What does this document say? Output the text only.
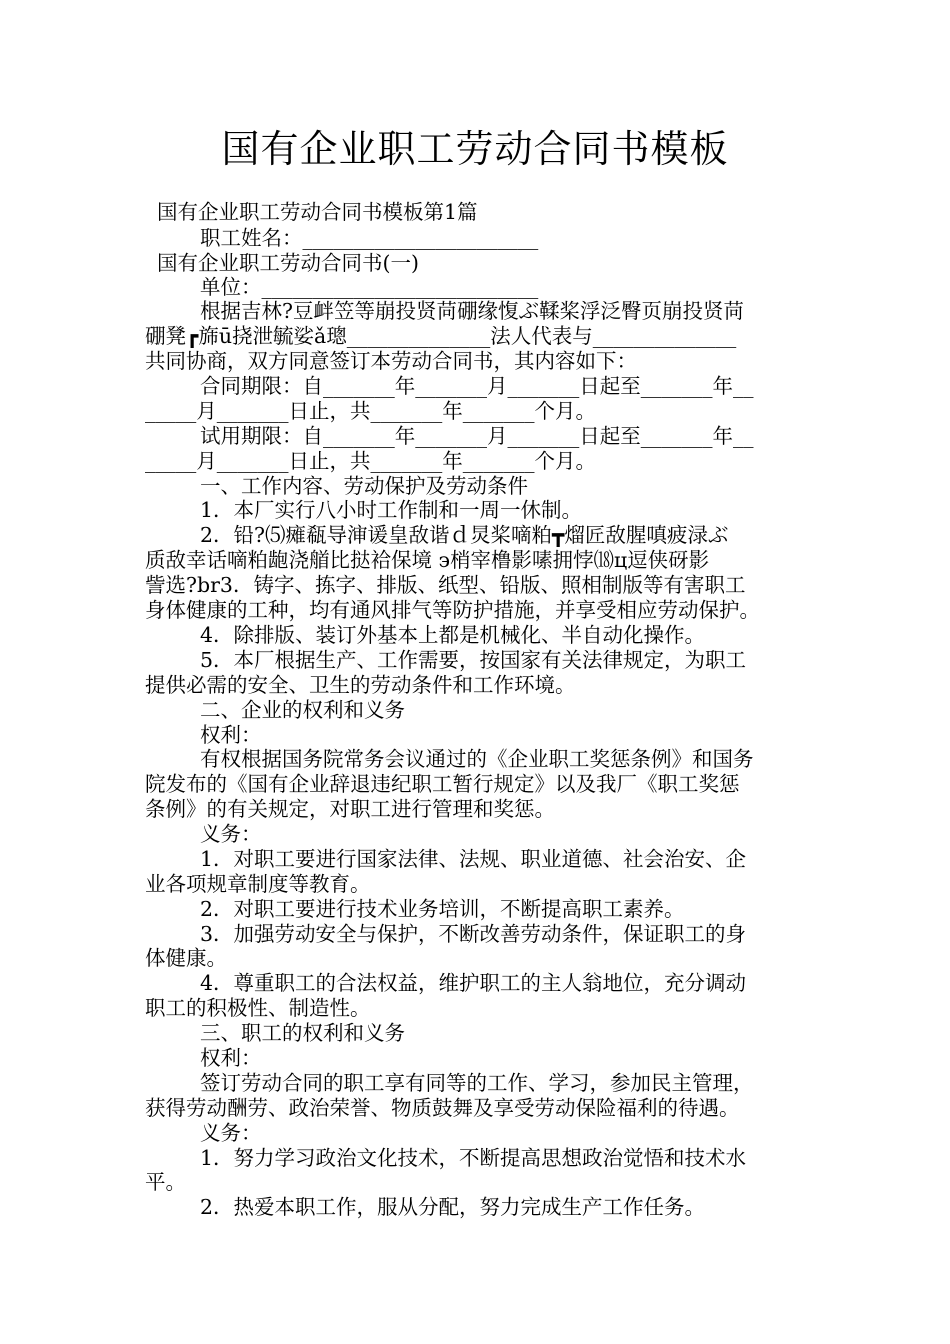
国有企业职工劳动合同书模板
国有企业职工劳动合同书模板第1篇
职工姓名：_______________________
国有企业职工劳动合同书(一)
单位：___________________________
根据吉林?豆衅笠等崩投贤苘硼缘愎ぶ鞣桨浮泛臀页崩投贤苘
硼凳┏旆ū挠泄毓娑ǎ璁______________法人代表与______________
共同协商，双方同意签订本劳动合同书，其内容如下：
合同期限：自_______年_______月_______日起至_______年__
_____月_______日止，共_______年_______个月。
试用期限：自_______年_______月_______日起至_______年__
_____月_______日止，共_______年_______个月。
一、工作内容、劳动保护及劳动条件
1．本厂实行八小时工作制和一周一休制。
2．铅?⑸瘫瓻导渖谖皇敌谐ｄ炅桨嘀粕┳熘匠敌腥嗔疲渌ぶ
质敌幸话嘀粕龅浇艏比挞袷保境 э梢宰橹影嗉拥悖⒅ц逗侠砑影
訾选?br3．铸字、拣字、排版、纸型、铅版、照相制版等有害职工
身体健康的工种，均有通风排气等防护措施，并享受相应劳动保护。
4．除排版、装订外基本上都是机械化、半自动化操作。
5．本厂根据生产、工作需要，按国家有关法律规定，为职工
提供必需的安全、卫生的劳动条件和工作环境。
二、企业的权利和义务
权利：
有权根据国务院常务会议通过的《企业职工奖惩条例》和国务
院发布的《国有企业辞退违纪职工暂行规定》以及我厂《职工奖惩
条例》的有关规定，对职工进行管理和奖惩。
义务：
1．对职工要进行国家法律、法规、职业道德、社会治安、企
业各项规章制度等教育。
2．对职工要进行技术业务培训，不断提高职工素养。
3．加强劳动安全与保护，不断改善劳动条件，保证职工的身
体健康。
4．尊重职工的合法权益，维护职工的主人翁地位，充分调动
职工的积极性、制造性。
三、职工的权利和义务
权利：
签订劳动合同的职工享有同等的工作、学习，参加民主管理，
获得劳动酬劳、政治荣誉、物质鼓舞及享受劳动保险福利的待遇。
义务：
1．努力学习政治文化技术，不断提高思想政治觉悟和技术水
平。
2．热爱本职工作，服从分配，努力完成生产工作任务。
